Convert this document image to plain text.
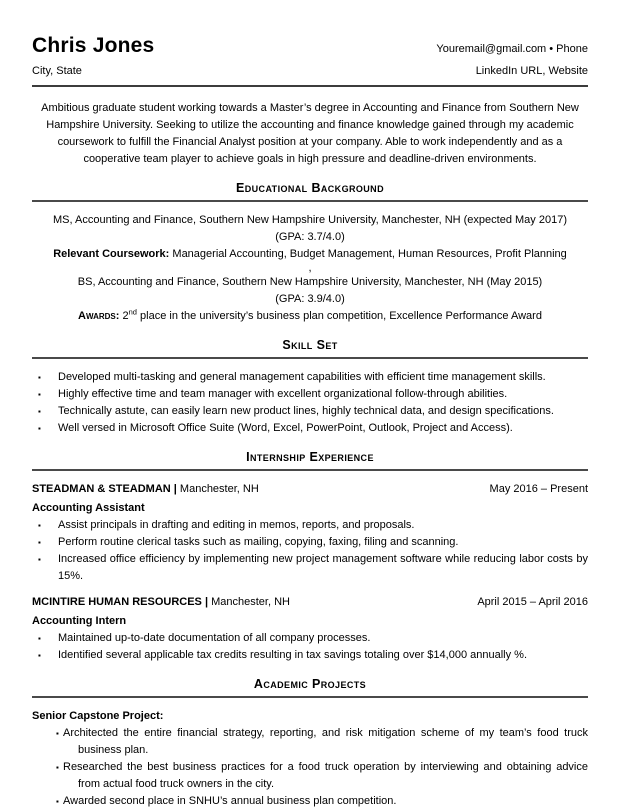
Chris Jones	Youremail@gmail.com • Phone
City, State	LinkedIn URL, Website
Ambitious graduate student working towards a Master’s degree in Accounting and Finance from Southern New Hampshire University. Seeking to utilize the accounting and finance knowledge gained through my academic coursework to fulfill the Financial Analyst position at your company. Able to work independently and as a cooperative team player to achieve goals in high pressure and deadline-driven environments.
Educational Background
MS, Accounting and Finance, Southern New Hampshire University, Manchester, NH (expected May 2017)
(GPA: 3.7/4.0)
Relevant Coursework: Managerial Accounting, Budget Management, Human Resources, Profit Planning
,
BS, Accounting and Finance, Southern New Hampshire University, Manchester, NH (May 2015)
(GPA: 3.9/4.0)
Awards: 2nd place in the university’s business plan competition, Excellence Performance Award
Skill Set
▪ Developed multi-tasking and general management capabilities with efficient time management skills.
▪ Highly effective time and team manager with excellent organizational follow-through abilities.
▪ Technically astute, can easily learn new product lines, highly technical data, and design specifications.
▪ Well versed in Microsoft Office Suite (Word, Excel, PowerPoint, Outlook, Project and Access).
Internship Experience
STEADMAN & STEADMAN | Manchester, NH	May 2016 – Present
Accounting Assistant
▪ Assist principals in drafting and editing in memos, reports, and proposals.
▪ Perform routine clerical tasks such as mailing, copying, faxing, filing and scanning.
▪ Increased office efficiency by implementing new project management software while reducing labor costs by 15%.
MCINTIRE HUMAN RESOURCES | Manchester, NH	April 2015 – April 2016
Accounting Intern
▪ Maintained up-to-date documentation of all company processes.
▪ Identified several applicable tax credits resulting in tax savings totaling over $14,000 annually %.
Academic Projects
Senior Capstone Project:
▪ Architected the entire financial strategy, reporting, and risk mitigation scheme of my team’s food truck business plan.
▪ Researched the best business practices for a food truck operation by interviewing and obtaining advice from actual food truck owners in the city.
▪ Awarded second place in SNHU’s annual business plan competition.
